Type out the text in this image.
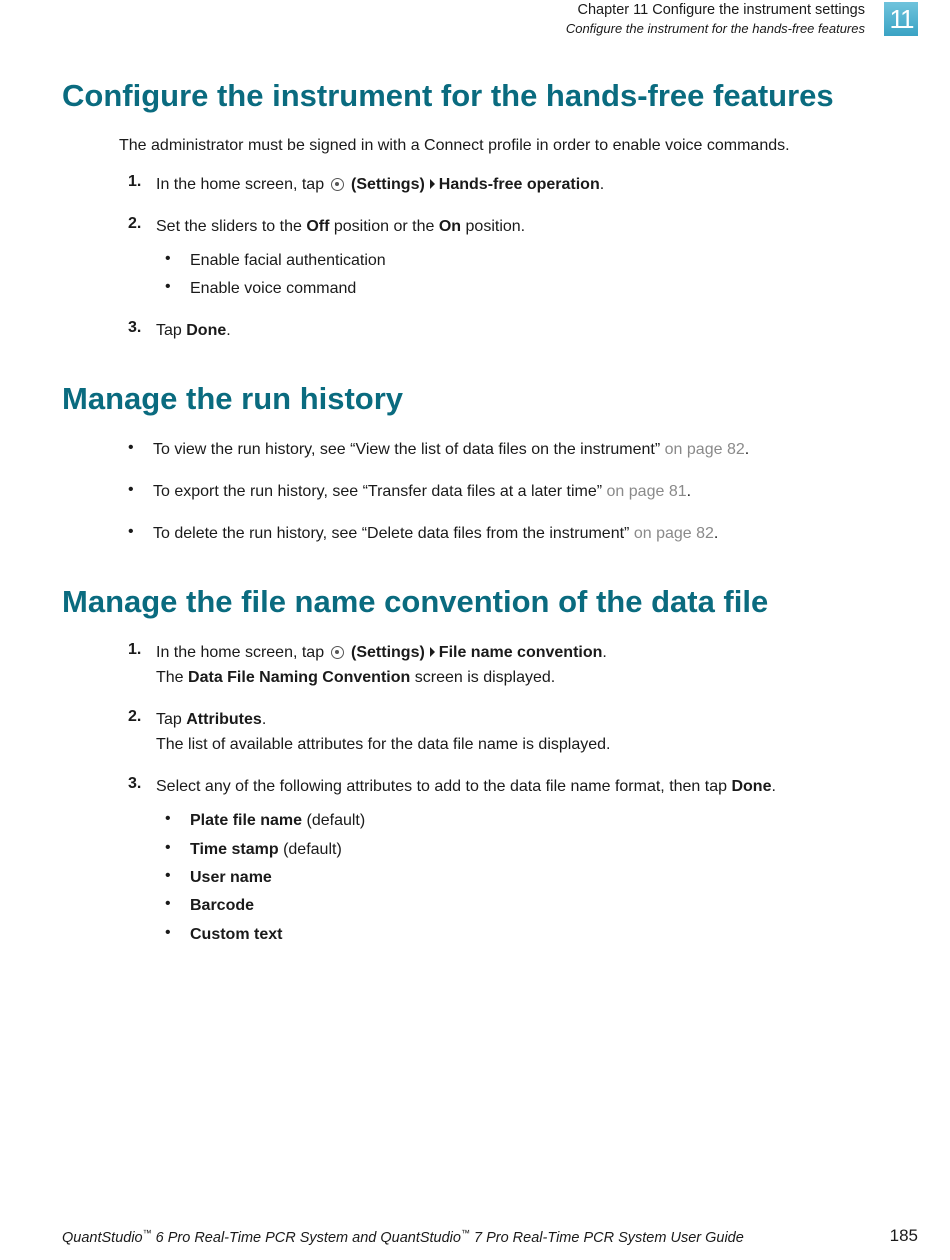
Chapter 11 Configure the instrument settings
Configure the instrument for the hands-free features 11
Configure the instrument for the hands-free features
The administrator must be signed in with a Connect profile in order to enable voice commands.
1. In the home screen, tap (Settings) Hands-free operation.
2. Set the sliders to the Off position or the On position.
• Enable facial authentication
• Enable voice command
3. Tap Done.
Manage the run history
• To view the run history, see “View the list of data files on the instrument” on page 82.
• To export the run history, see “Transfer data files at a later time” on page 81.
• To delete the run history, see “Delete data files from the instrument” on page 82.
Manage the file name convention of the data file
1. In the home screen, tap (Settings) File name convention.
The Data File Naming Convention screen is displayed.
2. Tap Attributes.
The list of available attributes for the data file name is displayed.
3. Select any of the following attributes to add to the data file name format, then tap Done.
• Plate file name (default)
• Time stamp (default)
• User name
• Barcode
• Custom text
QuantStudio™ 6 Pro Real-Time PCR System and QuantStudio™ 7 Pro Real-Time PCR System User Guide	185
